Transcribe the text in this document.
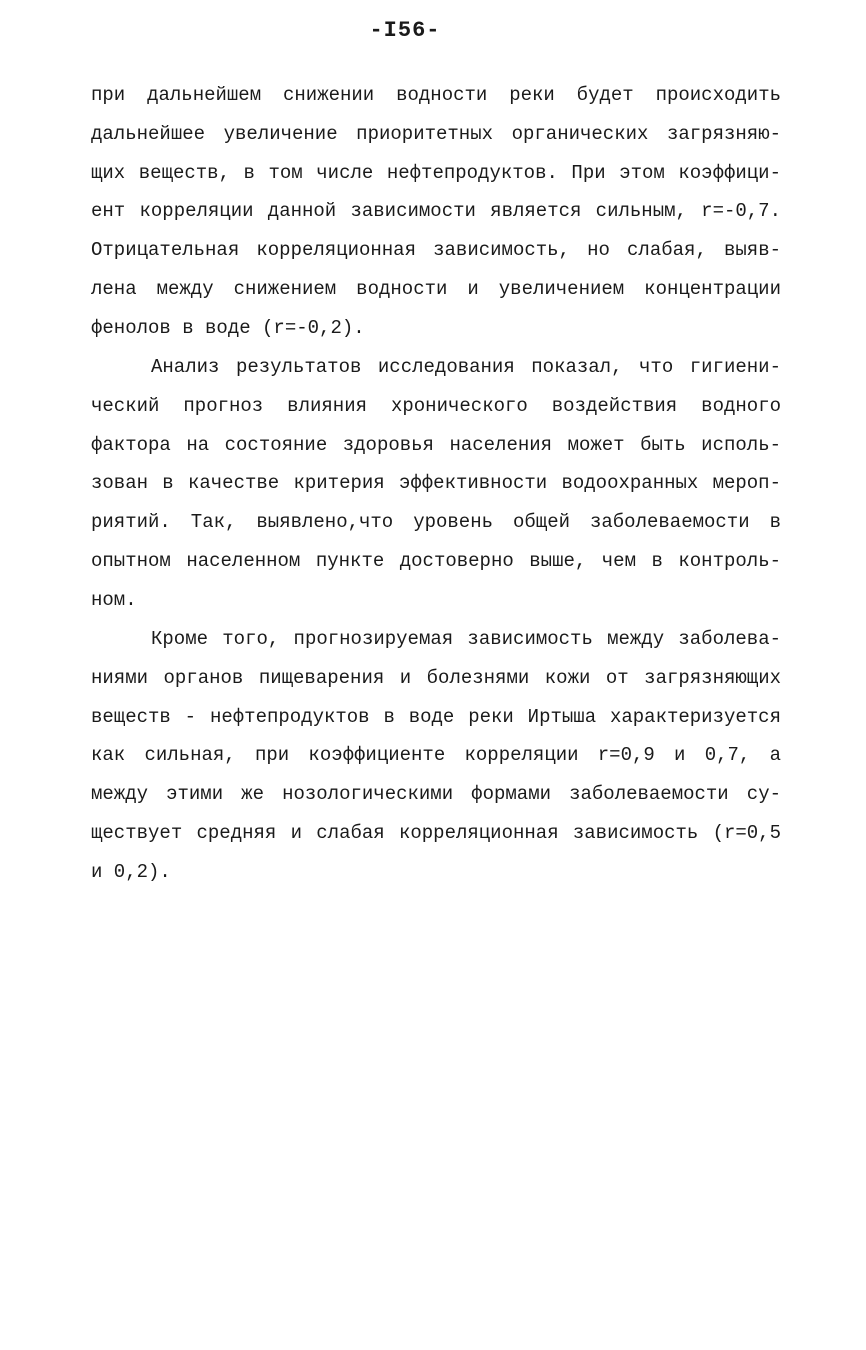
-I56-
при дальнейшем снижении водности реки будет происходить
дальнейшее увеличение приоритетных органических загрязняю-
щих веществ, в том числе нефтепродуктов. При этом коэффици-
ент корреляции данной зависимости является сильным, r=-0,7.
Отрицательная корреляционная зависимость, но слабая, выяв-
лена между снижением водности и увеличением концентрации
фенолов в воде (r=-0,2).
Анализ результатов исследования показал, что гигиени-
ческий прогноз влияния хронического воздействия водного
фактора на состояние здоровья населения может быть исполь-
зован в качестве критерия эффективности водоохранных мероп-
риятий. Так, выявлено,что уровень общей заболеваемости в
опытном населенном пункте достоверно выше, чем в контроль-
ном.
Кроме того, прогнозируемая зависимость между заболева-
ниями органов пищеварения и болезнями кожи от загрязняющих
веществ - нефтепродуктов в воде реки Иртыша характеризуется
как сильная, при коэффициенте корреляции r=0,9 и 0,7, а
между этими же нозологическими формами заболеваемости су-
ществует средняя и слабая корреляционная зависимость (r=0,5
и 0,2).
